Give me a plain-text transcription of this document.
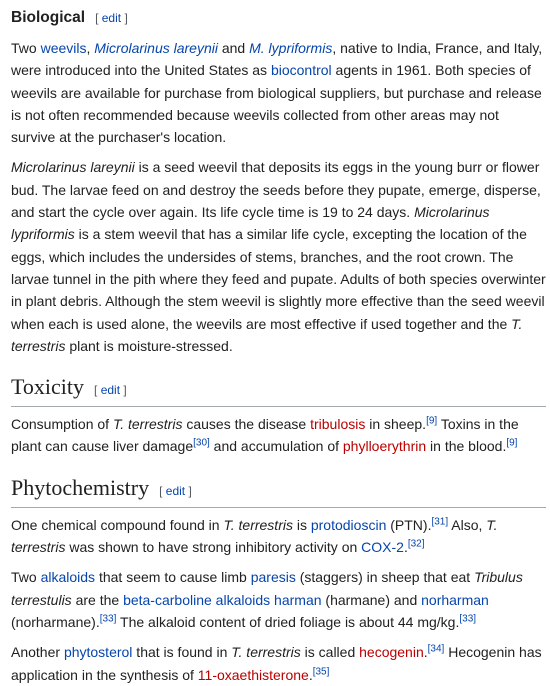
Biological [ edit ]

Two weevils, Microlarinus lareynii and M. lypriformis, native to India, France, and Italy, were introduced into the United States as biocontrol agents in 1961. Both species of weevils are available for purchase from biological suppliers, but purchase and release is not often recommended because weevils collected from other areas may not survive at the purchaser's location.

Microlarinus lareynii is a seed weevil that deposits its eggs in the young burr or flower bud. The larvae feed on and destroy the seeds before they pupate, emerge, disperse, and start the cycle over again. Its life cycle time is 19 to 24 days. Microlarinus lypriformis is a stem weevil that has a similar life cycle, excepting the location of the eggs, which includes the undersides of stems, branches, and the root crown. The larvae tunnel in the pith where they feed and pupate. Adults of both species overwinter in plant debris. Although the stem weevil is slightly more effective than the seed weevil when each is used alone, the weevils are most effective if used together and the T. terrestris plant is moisture-stressed.

Toxicity [ edit ]

Consumption of T. terrestris causes the disease tribulosis in sheep.[9] Toxins in the plant can cause liver damage[30] and accumulation of phylloerythrin in the blood.[9]

Phytochemistry [ edit ]

One chemical compound found in T. terrestris is protodioscin (PTN).[31] Also, T. terrestris was shown to have strong inhibitory activity on COX-2.[32]

Two alkaloids that seem to cause limb paresis (staggers) in sheep that eat Tribulus terrestulis are the beta-carboline alkaloids harman (harmane) and norharman (norharmane).[33] The alkaloid content of dried foliage is about 44 mg/kg.[33]

Another phytosterol that is found in T. terrestris is called hecogenin.[34] Hecogenin has application in the synthesis of 11-oxaethisterone.[35]
